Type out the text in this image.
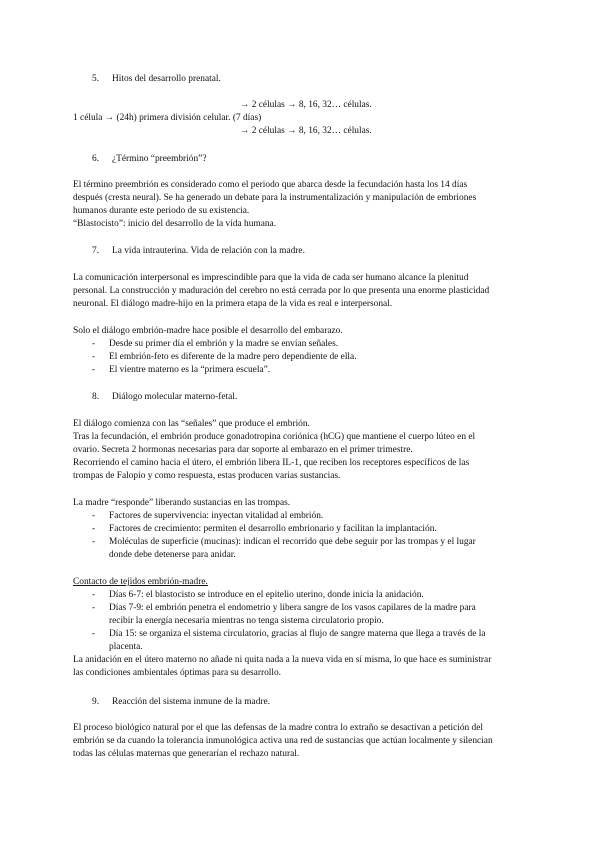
5. Hitos del desarrollo prenatal.
→ 2 células → 8, 16, 32… células.
1 célula → (24h) primera división celular. (7 días)
→ 2 células → 8, 16, 32… células.
6. ¿Término “preembrión”?
El término preembrión es considerado como el periodo que abarca desde la fecundación hasta los 14 días
después (cresta neural). Se ha generado un debate para la instrumentalización y manipulación de embriones
humanos durante este periodo de su existencia.
“Blastocisto”: inicio del desarrollo de la vida humana.
7. La vida intrauterina. Vida de relación con la madre.
La comunicación interpersonal es imprescindible para que la vida de cada ser humano alcance la plenitud
personal. La construcción y maduración del cerebro no está cerrada por lo que presenta una enorme plasticidad
neuronal. El diálogo madre-hijo en la primera etapa de la vida es real e interpersonal.
Solo el diálogo embrión-madre hace posible el desarrollo del embarazo.
- Desde su primer día el embrión y la madre se envían señales.
- El embrión-feto es diferente de la madre pero dependiente de ella.
- El vientre materno es la “primera escuela”.
8. Diálogo molecular materno-fetal.
El diálogo comienza con las “señales” que produce el embrión.
Tras la fecundación, el embrión produce gonadotropina coriónica (hCG) que mantiene el cuerpo lúteo en el
ovario. Secreta 2 hormonas necesarias para dar soporte al embarazo en el primer trimestre.
Recorriendo el camino hacia el útero, el embrión libera IL-1, que reciben los receptores específicos de las
trompas de Falopio y como respuesta, estas producen varias sustancias.
La madre “responde” liberando sustancias en las trompas.
- Factores de supervivencia: inyectan vitalidad al embrión.
- Factores de crecimiento: permiten el desarrollo embrionario y facilitan la implantación.
- Moléculas de superficie (mucinas): indican el recorrido que debe seguir por las trompas y el lugar
donde debe detenerse para anidar.
Contacto de tejidos embrión-madre.
- Días 6-7: el blastocisto se introduce en el epitelio uterino, donde inicia la anidación.
- Días 7-9: el embrión penetra el endometrio y libera sangre de los vasos capilares de la madre para
recibir la energía necesaria mientras no tenga sistema circulatorio propio.
- Día 15: se organiza el sistema circulatorio, gracias al flujo de sangre materna que llega a través de la
placenta.
La anidación en el útero materno no añade ni quita nada a la nueva vida en sí misma, lo que hace es suministrar
las condiciones ambientales óptimas para su desarrollo.
9. Reacción del sistema inmune de la madre.
El proceso biológico natural por el que las defensas de la madre contra lo extraño se desactivan a petición del
embrión se da cuando la tolerancia inmunológica activa una red de sustancias que actúan localmente y silencian
todas las células maternas que generarían el rechazo natural.
